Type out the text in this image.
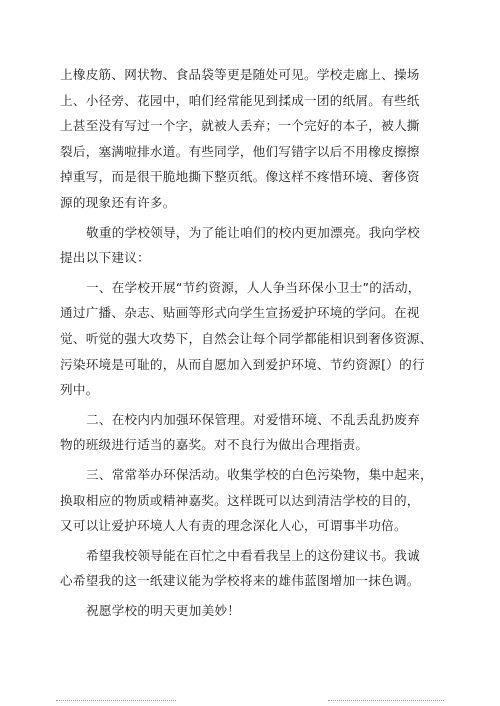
上橡皮筋、网状物、食品袋等更是随处可见。学校走廊上、操场
上、小径旁、花园中，咱们经常能见到揉成一团的纸屑。有些纸
上甚至没有写过一个字，就被人丢弃；一个完好的本子，被人撕
裂后，塞满啦排水道。有些同学，他们写错字以后不用橡皮擦擦
掉重写，而是很干脆地撕下整页纸。像这样不疼惜环境、奢侈资
源的现象还有许多。
敬重的学校领导，为了能让咱们的校内更加漂亮。我向学校
提出以下建议：
一、在学校开展“节约资源，人人争当环保小卫士”的活动，
通过广播、杂志、贴画等形式向学生宣扬爱护环境的学问。在视
觉、听觉的强大攻势下，自然会让每个同学都能相识到奢侈资源、
污染环境是可耻的，从而自愿加入到爱护环境、节约资源[）的行
列中。
二、在校内内加强环保管理。对爱惜环境、不乱丢乱扔废弃
物的班级进行适当的嘉奖。对不良行为做出合理指责。
三、常常举办环保活动。收集学校的白色污染物，集中起来，
换取相应的物质或精神嘉奖。这样既可以达到清洁学校的目的，
又可以让爱护环境人人有责的理念深化人心，可谓事半功倍。
希望我校领导能在百忙之中看看我呈上的这份建议书。我诚
心希望我的这一纸建议能为学校将来的雄伟蓝图增加一抹色调。
祝愿学校的明天更加美妙！
